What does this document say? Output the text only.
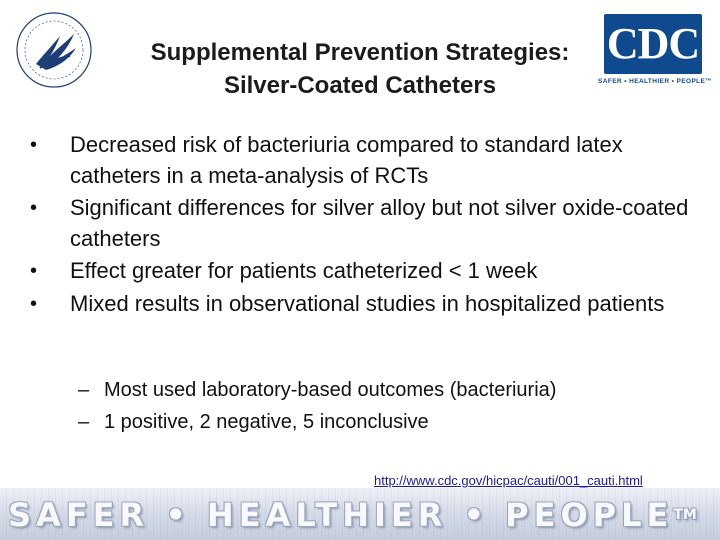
Supplemental Prevention Strategies:
Silver-Coated Catheters
CDC
SAFER • HEALTHIER • PEOPLE™
•	Decreased risk of bacteriuria compared to standard latex catheters in a meta-analysis of RCTs
•	Significant differences for silver alloy but not silver oxide-coated catheters
•	Effect greater for patients catheterized < 1 week
•	Mixed results in observational studies in hospitalized patients
– Most used laboratory-based outcomes (bacteriuria)
– 1 positive, 2 negative, 5 inconclusive
http://www.cdc.gov/hicpac/cauti/001_cauti.html
SAFER • HEALTHIER • PEOPLE™
